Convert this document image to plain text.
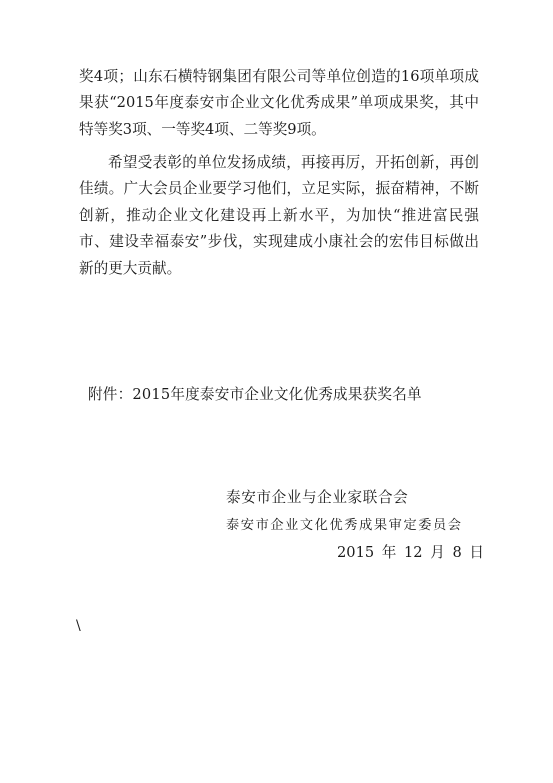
奖4项；山东石横特钢集团有限公司等单位创造的16项单项成果获“2015年度泰安市企业文化优秀成果”单项成果奖，其中特等奖3项、一等奖4项、二等奖9项。

希望受表彰的单位发扬成绩，再接再厉，开拓创新，再创佳绩。广大会员企业要学习他们，立足实际，振奋精神，不断创新，推动企业文化建设再上新水平，为加快“推进富民强市、建设幸福泰安”步伐，实现建成小康社会的宏伟目标做出新的更大贡献。

附件：2015年度泰安市企业文化优秀成果获奖名单

泰安市企业与企业家联合会

泰安市企业文化优秀成果审定委员会

2015 年 12 月 8 日

\
